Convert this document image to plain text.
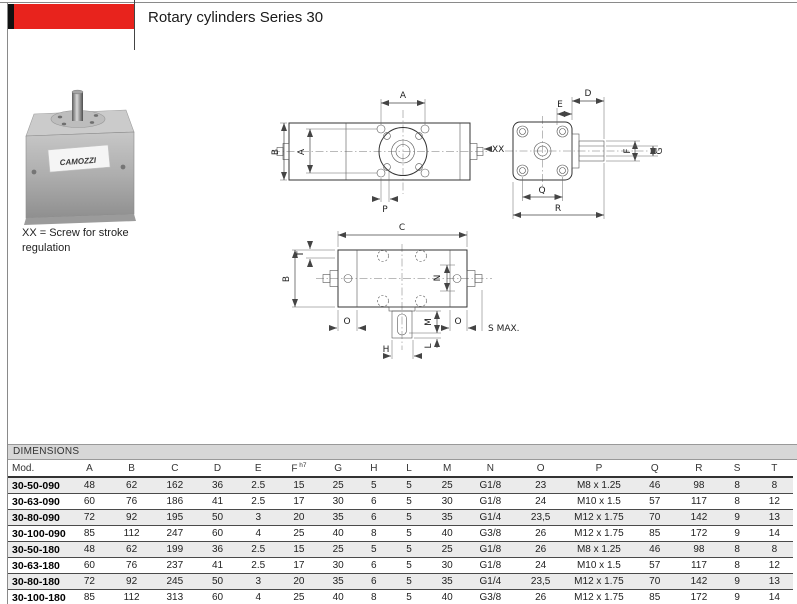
Rotary cylinders Series 30
CAMOZZI
XX = Screw for stroke
regulation
A
B A
P
XX
D
E
F G
Q
R
C
T
B	N
O	O
S MAX.
M
L
H
DIMENSIONS
Mod.	A	B	C	D	E	F $^{h7}$	G	H	L	M	N	O	P	Q	R	S	T
30-50-090	48	62	162	36	2.5	15	25	5	5	25	G1/8	23	M8 x 1.25	46	98	8	8
30-63-090	60	76	186	41	2.5	17	30	6	5	30	G1/8	24	M10 x 1.5	57	117	8	12
30-80-090	72	92	195	50	3	20	35	6	5	35	G1/4	23,5	M12 x 1.75	70	142	9	13
30-100-090	85	112	247	60	4	25	40	8	5	40	G3/8	26	M12 x 1.75	85	172	9	14
30-50-180	48	62	199	36	2.5	15	25	5	5	25	G1/8	26	M8 x 1.25	46	98	8	8
30-63-180	60	76	237	41	2.5	17	30	6	5	30	G1/8	24	M10 x 1.5	57	117	8	12
30-80-180	72	92	245	50	3	20	35	6	5	35	G1/4	23,5	M12 x 1.75	70	142	9	13
30-100-180	85	112	313	60	4	25	40	8	5	40	G3/8	26	M12 x 1.75	85	172	9	14
